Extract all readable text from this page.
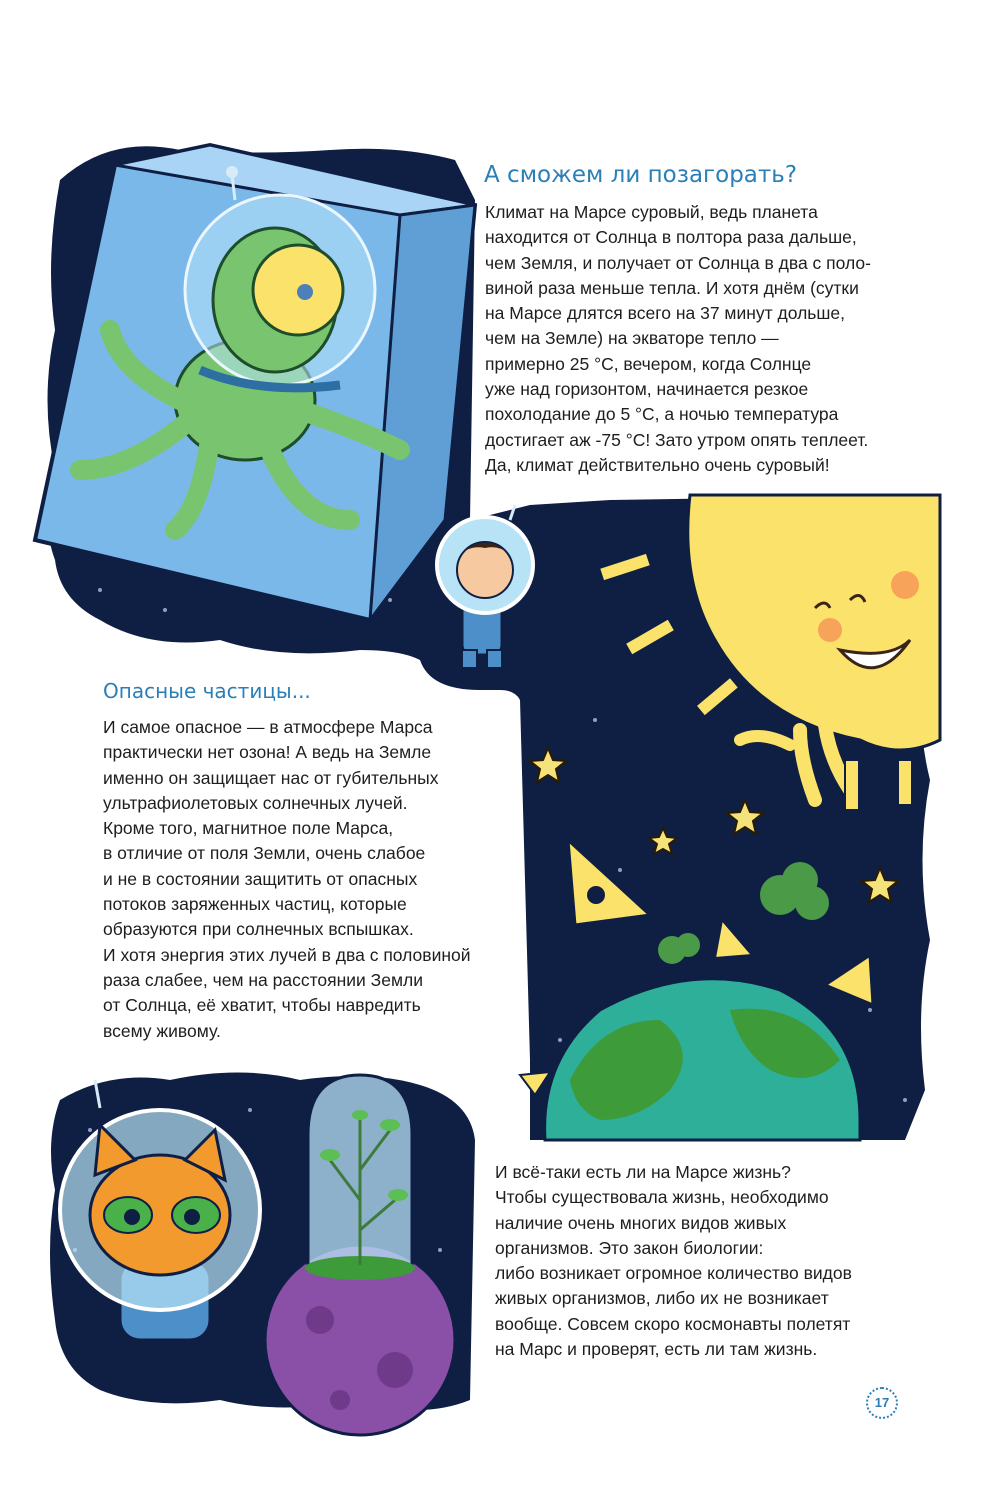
А сможем ли позагорать?

Климат на Марсе суровый, ведь планета
находится от Солнца в полтора раза дальше,
чем Земля, и получает от Солнца в два с поло-
виной раза меньше тепла. И хотя днём (сутки
на Марсе длятся всего на 37 минут дольше,
чем на Земле) на экваторе тепло —
примерно 25 °С, вечером, когда Солнце
уже над горизонтом, начинается резкое
похолодание до 5 °С, а ночью температура
достигает аж -75 °С! Зато утром опять теплеет.
Да, климат действительно очень суровый!

Опасные частицы...

И самое опасное — в атмосфере Марса
практически нет озона! А ведь на Земле
именно он защищает нас от губительных
ультрафиолетовых солнечных лучей.
Кроме того, магнитное поле Марса,
в отличие от поля Земли, очень слабое
и не в состоянии защитить от опасных
потоков заряженных частиц, которые
образуются при солнечных вспышках.
И хотя энергия этих лучей в два с половиной
раза слабее, чем на расстоянии Земли
от Солнца, её хватит, чтобы навредить
всему живому.

И всё-таки есть ли на Марсе жизнь?
Чтобы существовала жизнь, необходимо
наличие очень многих видов живых
организмов. Это закон биологии:
либо возникает огромное количество видов
живых организмов, либо их не возникает
вообще. Совсем скоро космонавты полетят
на Марс и проверят, есть ли там жизнь.

17
